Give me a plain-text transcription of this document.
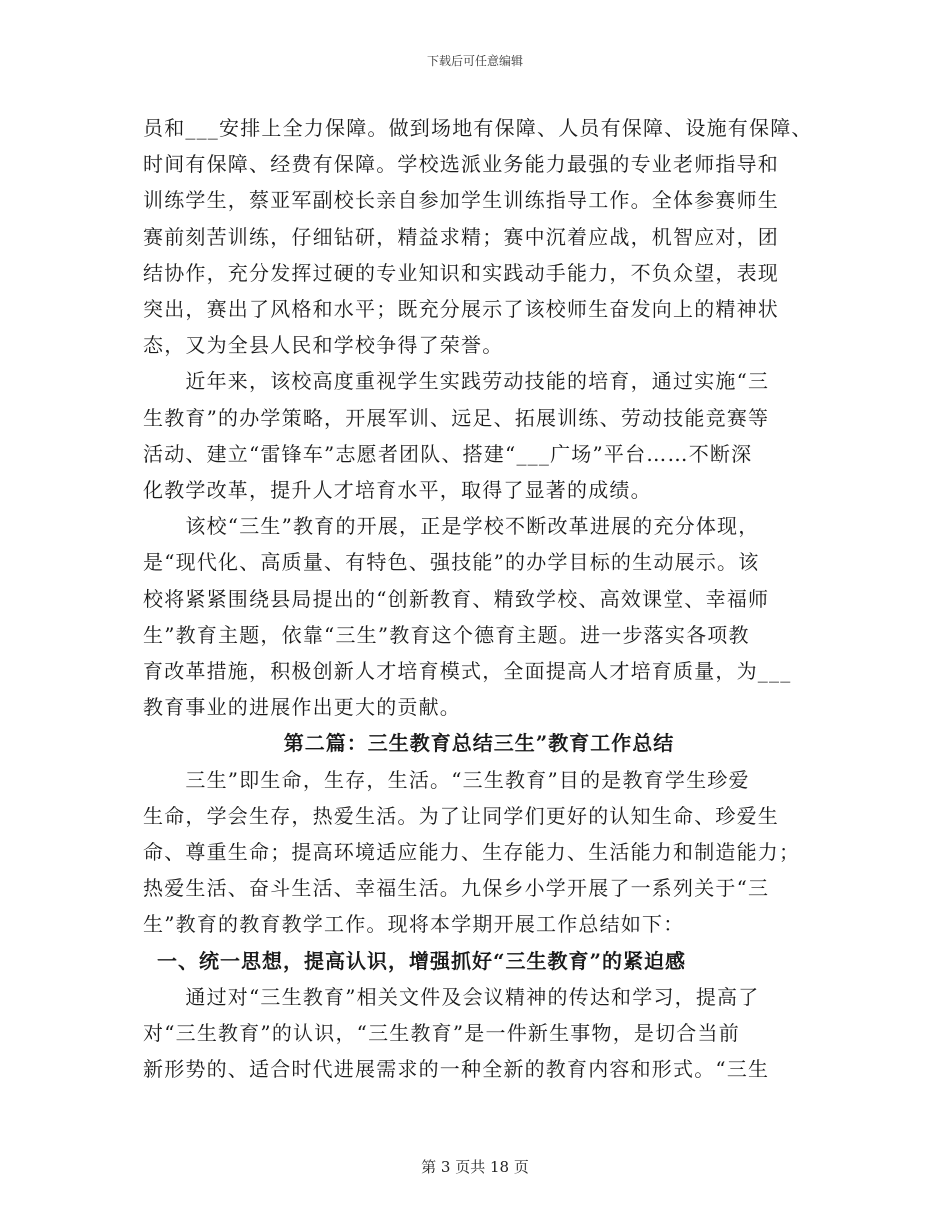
下载后可任意编辑
员和___安排上全力保障。做到场地有保障、人员有保障、设施有保障、
时间有保障、经费有保障。学校选派业务能力最强的专业老师指导和
训练学生，蔡亚军副校长亲自参加学生训练指导工作。全体参赛师生
赛前刻苦训练，仔细钻研，精益求精；赛中沉着应战，机智应对，团
结协作，充分发挥过硬的专业知识和实践动手能力，不负众望，表现
突出，赛出了风格和水平；既充分展示了该校师生奋发向上的精神状
态，又为全县人民和学校争得了荣誉。
　　近年来，该校高度重视学生实践劳动技能的培育，通过实施“三
生教育”的办学策略，开展军训、远足、拓展训练、劳动技能竞赛等
活动、建立“雷锋车”志愿者团队、搭建“___广场”平台……不断深
化教学改革，提升人才培育水平，取得了显著的成绩。
　　该校“三生”教育的开展，正是学校不断改革进展的充分体现，
是“现代化、高质量、有特色、强技能”的办学目标的生动展示。该
校将紧紧围绕县局提出的“创新教育、精致学校、高效课堂、幸福师
生”教育主题，依靠“三生”教育这个德育主题。进一步落实各项教
育改革措施，积极创新人才培育模式，全面提高人才培育质量，为___
教育事业的进展作出更大的贡献。
第二篇：三生教育总结三生”教育工作总结
　　三生”即生命，生存，生活。“三生教育”目的是教育学生珍爱
生命，学会生存，热爱生活。为了让同学们更好的认知生命、珍爱生
命、尊重生命；提高环境适应能力、生存能力、生活能力和制造能力；
热爱生活、奋斗生活、幸福生活。九保乡小学开展了一系列关于“三
生”教育的教育教学工作。现将本学期开展工作总结如下：
一、统一思想，提高认识，增强抓好“三生教育”的紧迫感
　　通过对“三生教育”相关文件及会议精神的传达和学习，提高了
对“三生教育”的认识，“三生教育”是一件新生事物，是切合当前
新形势的、适合时代进展需求的一种全新的教育内容和形式。“三生
第 3 页共 18 页
